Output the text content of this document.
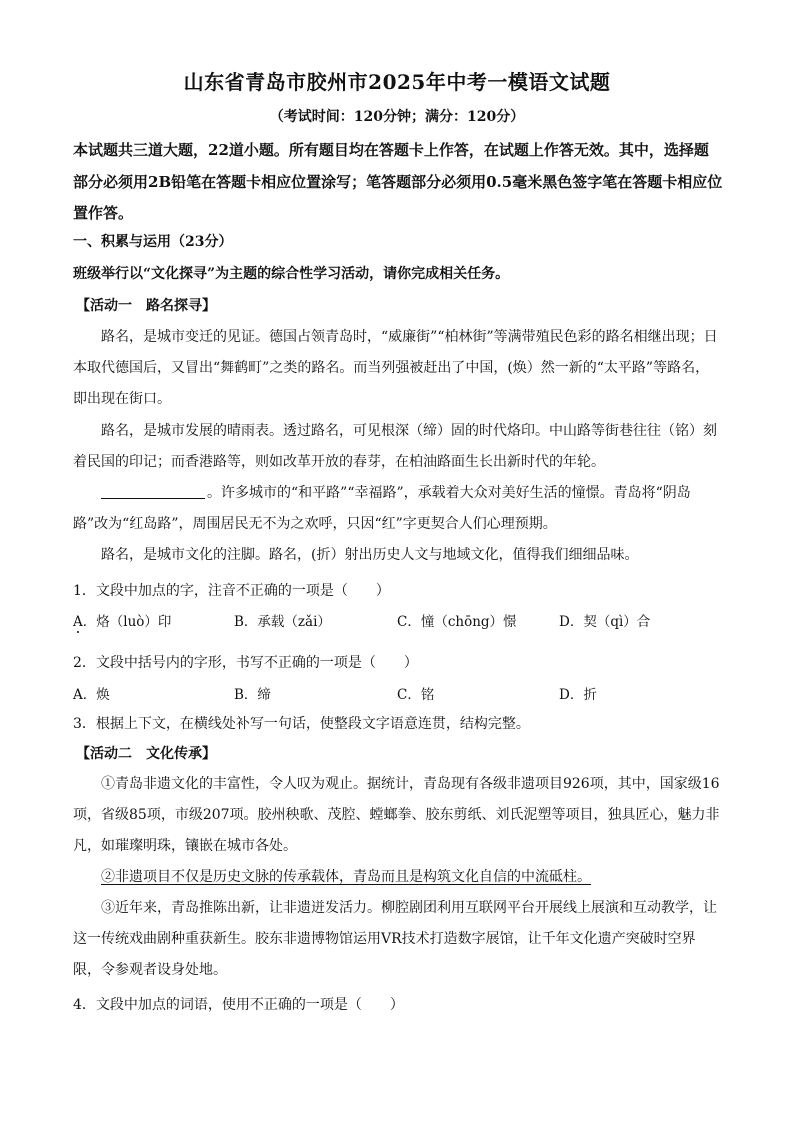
山东省青岛市胶州市2025年中考一模语文试题
（考试时间：120分钟；满分：120分）
本试题共三道大题，22道小题。所有题目均在答题卡上作答，在试题上作答无效。其中，选择题部分必须用2B铅笔在答题卡相应位置涂写；笔答题部分必须用0.5毫米黑色签字笔在答题卡相应位置作答。
一、积累与运用（23分）
班级举行以“文化探寻”为主题的综合性学习活动，请你完成相关任务。
【活动一　路名探寻】
路名，是城市变迁的见证。德国占领青岛时，“威廉街”“柏林街”等满带殖民色彩的路名相继出现；日本取代德国后，又冒出“舞鹤町”之类的路名。而当列强被赶出了中国，(焕）然一新的“太平路”等路名，即出现在街口。
路名，是城市发展的晴雨表。透过路名，可见根深（缔）固的时代烙印。中山路等街巷往往（铭）刻着民国的印记；而香港路等，则如改革开放的春芽，在柏油路面生长出新时代的年轮。
。许多城市的“和平路”“幸福路”，承载着大众对美好生活的憧憬。青岛将“阴岛路”改为“红岛路”，周围居民无不为之欢呼，只因“红”字更契合人们心理预期。
路名，是城市文化的注脚。路名，(折）射出历史人文与地域文化，值得我们细细品味。
1．文段中加点的字，注音不正确的一项是（　　）
A．烙（luò）印	B．承载（zǎi）	C．憧（chōng）憬	D．契（qì）合
2．文段中括号内的字形，书写不正确的一项是（　　）
A．焕	B．缔	C．铭	D．折
3．根据上下文，在横线处补写一句话，使整段文字语意连贯，结构完整。
【活动二　文化传承】
①青岛非遗文化的丰富性，令人叹为观止。据统计，青岛现有各级非遗项目926项，其中，国家级16项，省级85项，市级207项。胶州秧歌、茂腔、螳螂拳、胶东剪纸、刘氏泥塑等项目，独具匠心，魅力非凡，如璀璨明珠，镶嵌在城市各处。
②非遗项目不仅是历史文脉的传承载体，青岛而且是构筑文化自信的中流砥柱。
③近年来，青岛推陈出新，让非遗迸发活力。柳腔剧团利用互联网平台开展线上展演和互动教学，让这一传统戏曲剧种重获新生。胶东非遗博物馆运用VR技术打造数字展馆，让千年文化遗产突破时空界限，令参观者设身处地。
4．文段中加点的词语，使用不正确的一项是（　　）
